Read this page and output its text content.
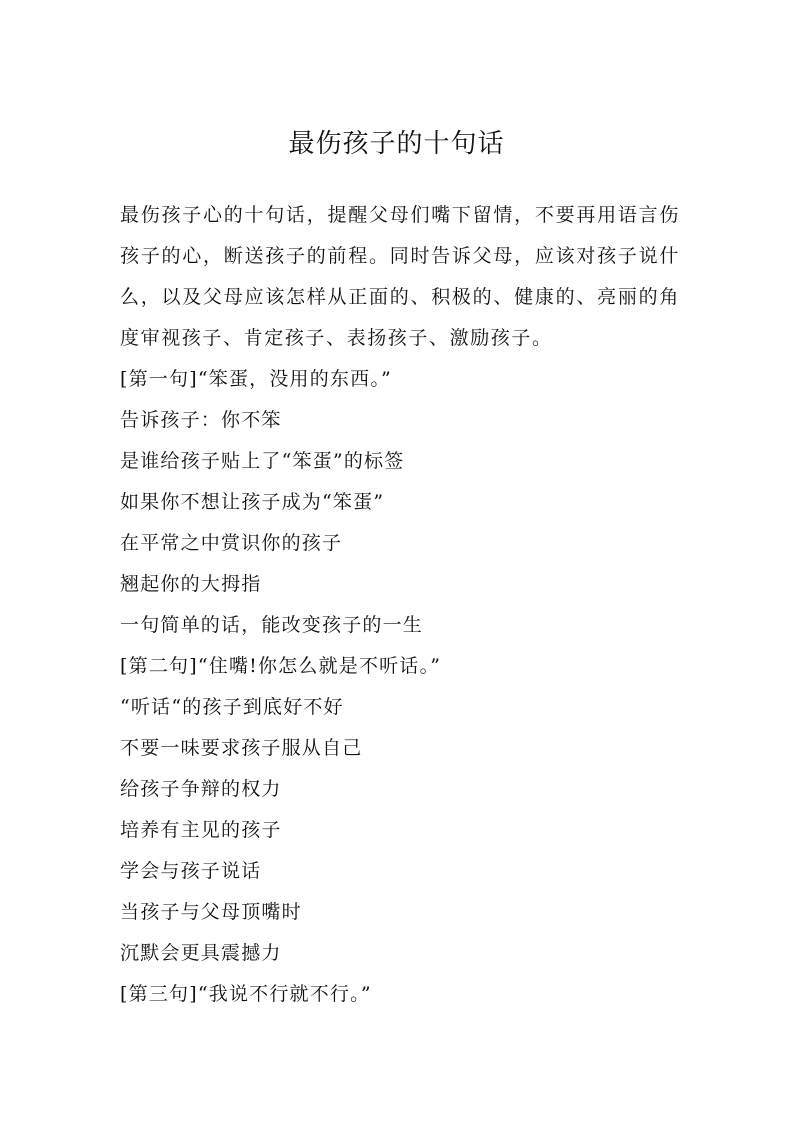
最伤孩子的十句话

最伤孩子心的十句话，提醒父母们嘴下留情，不要再用语言伤孩子的心，断送孩子的前程。同时告诉父母，应该对孩子说什么，以及父母应该怎样从正面的、积极的、健康的、亮丽的角度审视孩子、肯定孩子、表扬孩子、激励孩子。

[第一句]“笨蛋，没用的东西。”
告诉孩子：你不笨
是谁给孩子贴上了“笨蛋”的标签
如果你不想让孩子成为“笨蛋”
在平常之中赏识你的孩子
翘起你的大拇指
一句简单的话，能改变孩子的一生
[第二句]“住嘴!你怎么就是不听话。”
“听话“的孩子到底好不好
不要一味要求孩子服从自己
给孩子争辩的权力
培养有主见的孩子
学会与孩子说话
当孩子与父母顶嘴时
沉默会更具震撼力
[第三句]“我说不行就不行。”
